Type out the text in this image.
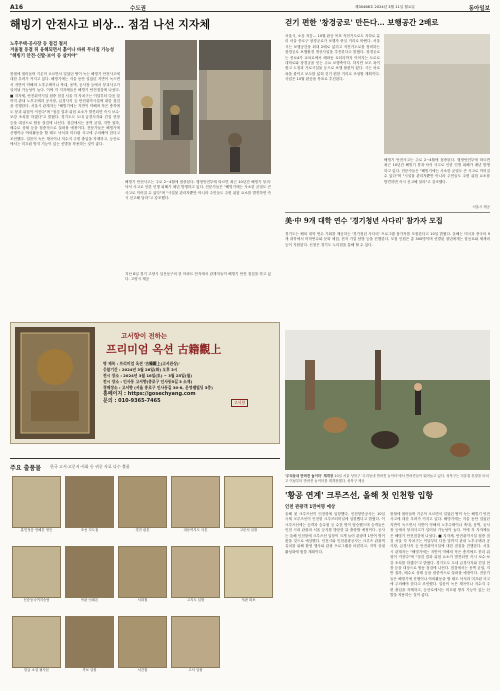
A16	수도권	제30468호 2024년 3월 11일 월요일	동아일보
해빙기 안전사고 비상… 점검 나선 지자체
노후주택·공사장 등 점검 철저
겨울철 동결 뒤 융해되면서 흙이나 바위 무너질 가능성
"해빙기 안전·신발·보이 등 살커야"
봄철에 접어들며 기온이 오르면서 얼었던 땅이 녹는 해빙기 안전사고에 대한 우려가 커지고 있다. 해빙기에는 겨울 동안 얼었던 지반이 녹으면서 지반이 약해져 노후주택이나 축대, 옹벽, 공사장 등에서 붕괴사고가 일어날 가능성이 높다. 이에 각 지자체들은 해빙기 안전점검에 나섰다. ■ 지자체, 안전취약시설 집중 점검 서울 각 자치구는 이달부터 다음 달까지 관내 노후주택과 공사장, 급경사지 등 안전취약시설에 대한 점검을 진행한다. 서울시 관계자는 "해빙기에는 지반이 약해져 작은 충격에도 붕괴 위험이 커진다"며 "점검 결과 위험 요소가 발견되면 즉시 보수·보강 조치를 하겠다"고 밝혔다. 경기도도 도내 급경사지와 건설 현장 등을 대상으로 합동 점검에 나선다. 점검에서는 옹벽 균열, 지반 침하, 배수로 상태 등을 집중적으로 살펴볼 예정이다. 전문가들은 해빙기에 산행이나 야외활동을 할 때도 낙석과 미끄럼 사고에 주의해야 한다고 조언했다. 얼음이 녹은 계곡이나 저수지 주변 출입을 자제하고, 등산로에서는 미끄럼 방지 기능이 있는 신발을 착용하는 것이 좋다.
해빙기 안전사고는 주로 2~4월에 집중된다. 행정안전부에 따르면 최근 10년간 해빙기 붕괴·낙석 사고로 인한 인명 피해가 매년 발생하고 있다. 전문가들은 "해빙기에는 사소한 균열도 큰 사고로 이어질 수 있다"며 "시설물 관리자뿐만 아니라 주민들도 주변 위험 요소를 발견하면 즉시 신고해 달라"고 강조했다.
걷기 편한 '창경궁로' 만든다… 보행공간 2배로
서울시, 소음 저감… 10월 완공 목표 자전거도로도 지하로 분리 서울 종로구 창경궁로가 보행자 중심 거리로 바뀐다. 서울시는 보행공간을 최대 2배로 넓히고 자전거도로를 정비하는 창경궁로 보행환경 개선사업을 추진한다고 밝혔다. 창경궁로는 종로4가 교차로에서 혜화동 로터리까지 이어지는 도로로 대학로와 창경궁을 잇는 주요 보행축이다. 하지만 보도 폭이 좁고 노점과 가로시설물 등으로 보행 불편이 컸다. 시는 차로 폭을 줄이고 보도를 넓혀 걷기 편한 거리로 조성할 계획이다. 사업은 10월 완공을 목표로 추진된다.
해빙기 안전사고는 주로 2~4월에 집중된다. 행정안전부에 따르면 최근 10년간 해빙기 붕괴·낙석 사고로 인한 인명 피해가 매년 발생하고 있다. 전문가들은 "해빙기에는 사소한 균열도 큰 사고로 이어질 수 있다"며 "시설물 관리자뿐만 아니라 주민들도 주변 위험 요소를 발견하면 즉시 신고해 달라"고 강조했다.
서울시 제공
美·中 9개 대학 연수 '경기청년 사다리' 참가자 모집
경기도는 해외 대학 연수 기회를 제공하는 '경기청년 사다리' 프로그램 참가자를 모집한다고 10일 밝혔다. 올해는 미국과 중국의 9개 대학에서 어학연수와 문화 체험, 현지 기업 탐방 등을 진행한다. 모집 인원은 총 300명이며 선발된 청년에게는 항공료와 체재비 등이 지원된다. 신청은 경기도 누리집을 통해 할 수 있다.
고서향이 전하는
프리미엄 옥션 古籍觀上
명 제목 : 프리미엄 옥션 '古籍觀上(고서관상)'
응찰기간 : 2024년 3월 26일(화) 오후 3시
전시 장소 : 2024년 3월 16일(토) ~ 3월 25일(월)
전시 장소 : 인사동 고서향(종로구 인사동5길 3 소재)
경매장소 : 고서향 (서울 종로구 인사동길 30-8, 운영쌤빌딩 3층)
홈페이지 : https://gosechyang.com
문의 : 010-9365-7465	고서향
'우리동네 반려견 놀이터' 재개장 10일 서울 성북구 '우리동네 반려견 놀이터'에서 반려견들이 뛰어놀고 있다. 성북구는 겨울철 휴장을 마치고 이날부터 반려견 놀이터를 재개장했다. 성북구 제공
'황공 연계' 크루즈선, 올해 첫 인천항 입항
인천 관광객 1만여명 예상
올해 첫 크루즈선이 인천항에 입항했다. 인천항만공사는 10일 국제 크루즈선이 인천항 크루즈터미널에 입항했다고 밝혔다. 이 크루즈선에는 승객과 승무원 등 수천 명이 탑승했으며 승객들은 인천 시내 관광과 서울 등지를 방문한 뒤 출항할 예정이다. 공사는 올해 인천항에 크루즈선 입항이 크게 늘어 관광객 1만여 명이 찾을 것으로 예상했다. 인천시와 인천관광공사는 크루즈 관광객 유치를 위해 환영 행사와 관광 프로그램을 마련하고, 지역 상권 활성화에 힘쓸 계획이다.
봄철에 접어들며 기온이 오르면서 얼었던 땅이 녹는 해빙기 안전사고에 대한 우려가 커지고 있다. 해빙기에는 겨울 동안 얼었던 지반이 녹으면서 지반이 약해져 노후주택이나 축대, 옹벽, 공사장 등에서 붕괴사고가 일어날 가능성이 높다. 이에 각 지자체들은 해빙기 안전점검에 나섰다. ■ 지자체, 안전취약시설 집중 점검 서울 각 자치구는 이달부터 다음 달까지 관내 노후주택과 공사장, 급경사지 등 안전취약시설에 대한 점검을 진행한다. 서울시 관계자는 "해빙기에는 지반이 약해져 작은 충격에도 붕괴 위험이 커진다"며 "점검 결과 위험 요소가 발견되면 즉시 보수·보강 조치를 하겠다"고 밝혔다. 경기도도 도내 급경사지와 건설 현장 등을 대상으로 합동 점검에 나선다. 점검에서는 옹벽 균열, 지반 침하, 배수로 상태 등을 집중적으로 살펴볼 예정이다. 전문가들은 해빙기에 산행이나 야외활동을 할 때도 낙석과 미끄럼 사고에 주의해야 한다고 조언했다. 얼음이 녹은 계곡이나 저수지 주변 출입을 자제하고, 등산로에서는 미끄럼 방지 기능이 있는 신발을 착용하는 것이 좋다.
주요 출품물 한국 고서·고문서·서화 등 귀중 자료 다수 출품
훈민정음 언해본 영인	조선 지도첩	경전 판본	대동여지도 사본	고문서 일괄
신증동국여지승람	목판 인쇄본	서화첩	고지도 일괄	석판 화보
한글 소설 필사본	족보 일괄	서간첩	고서 일괄
지난 8일 경기 고양시 일산동구의 한 아파트 단지에서 관계자들이 해빙기 안전 점검을 하고 있다. 고양시 제공
